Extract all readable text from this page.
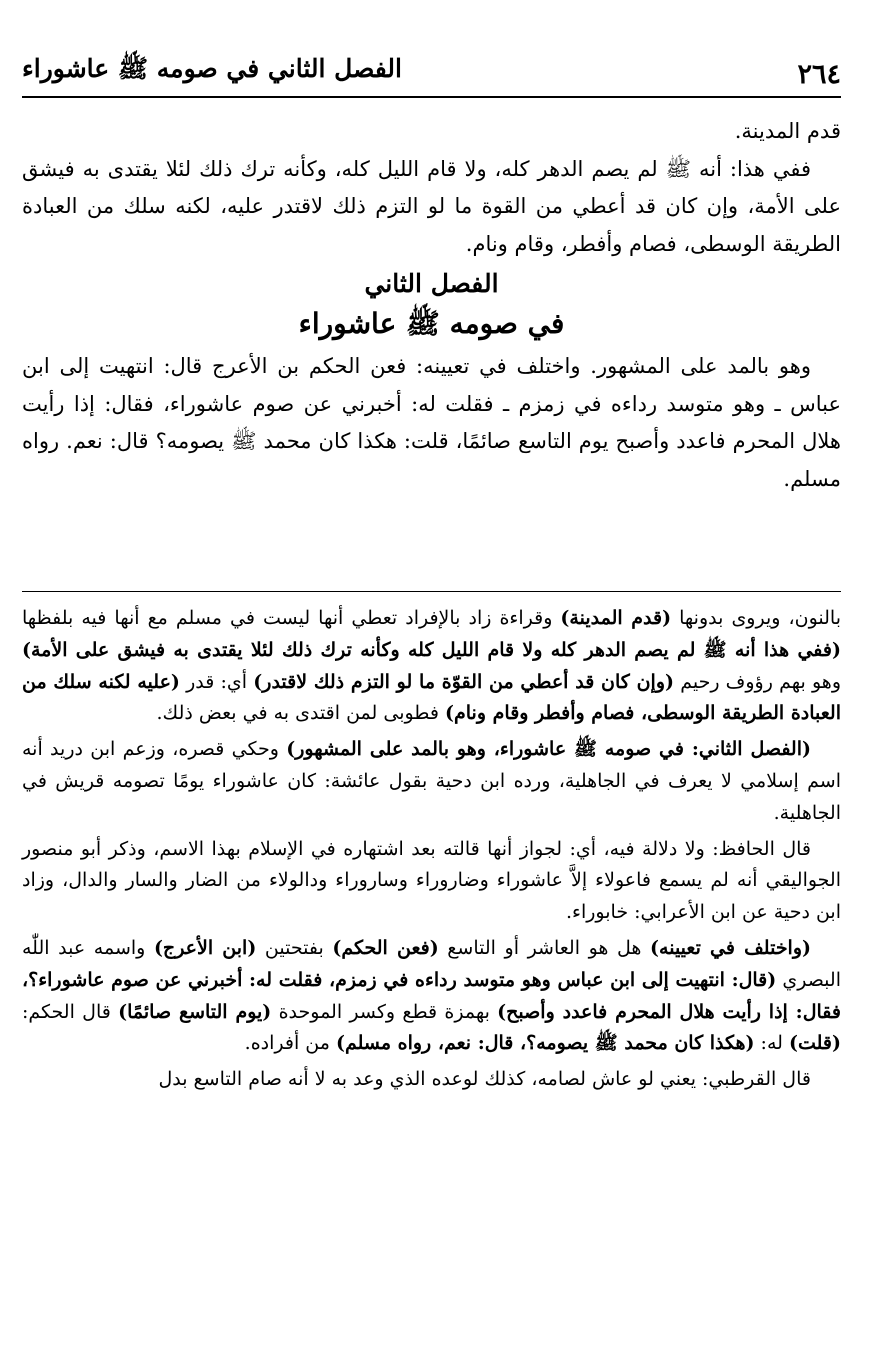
الفصل الثاني في صومه ﷺ عاشوراء	٢٦٤

قدم المدينة.

ففي هذا: أنه ﷺ لم يصم الدهر كله، ولا قام الليل كله، وكأنه ترك ذلك لئلا يقتدى به فيشق على الأمة، وإن كان قد أعطي من القوة ما لو التزم ذلك لاقتدر عليه، لكنه سلك من العبادة الطريقة الوسطى، فصام وأفطر، وقام ونام.

الفصل الثاني
في صومه ﷺ عاشوراء

وهو بالمد على المشهور. واختلف في تعيينه: فعن الحكم بن الأعرج قال: انتهيت إلى ابن عباس ـ وهو متوسد رداءه في زمزم ـ فقلت له: أخبرني عن صوم عاشوراء، فقال: إذا رأيت هلال المحرم فاعدد وأصبح يوم التاسع صائمًا، قلت: هكذا كان محمد ﷺ يصومه؟ قال: نعم. رواه مسلم.

بالنون، ويروى بدونها (قدم المدينة) وقراءة زاد بالإفراد تعطي أنها ليست في مسلم مع أنها فيه بلفظها (ففي هذا أنه ﷺ لم يصم الدهر كله ولا قام الليل كله وكأنه ترك ذلك لئلا يقتدى به فيشق على الأمة) وهو بهم رؤوف رحيم (وإن كان قد أعطي من القوّة ما لو التزم ذلك لاقتدر) أي: قدر (عليه لكنه سلك من العبادة الطريقة الوسطى، فصام وأفطر وقام ونام) فطوبى لمن اقتدى به في بعض ذلك.

(الفصل الثاني: في صومه ﷺ عاشوراء، وهو بالمد على المشهور) وحكي قصره، وزعم ابن دريد أنه اسم إسلامي لا يعرف في الجاهلية، ورده ابن دحية بقول عائشة: كان عاشوراء يومًا تصومه قريش في الجاهلية.

قال الحافظ: ولا دلالة فيه، أي: لجواز أنها قالته بعد اشتهاره في الإسلام بهذا الاسم، وذكر أبو منصور الجواليقي أنه لم يسمع فاعولاء إلاَّ عاشوراء وضاروراء وساروراء ودالولاء من الضار والسار والدال، وزاد ابن دحية عن ابن الأعرابي: خابوراء.

(واختلف في تعيينه) هل هو العاشر أو التاسع (فعن الحكم) بفتحتين (ابن الأعرج) واسمه عبد اللّٰه البصري (قال: انتهيت إلى ابن عباس وهو متوسد رداءه في زمزم، فقلت له: أخبرني عن صوم عاشوراء؟، فقال: إذا رأيت هلال المحرم فاعدد وأصبح) بهمزة قطع وكسر الموحدة (يوم التاسع صائمًا) قال الحكم: (قلت) له: (هكذا كان محمد ﷺ يصومه؟، قال: نعم، رواه مسلم) من أفراده.

قال القرطبي: يعني لو عاش لصامه، كذلك لوعده الذي وعد به لا أنه صام التاسع بدل
